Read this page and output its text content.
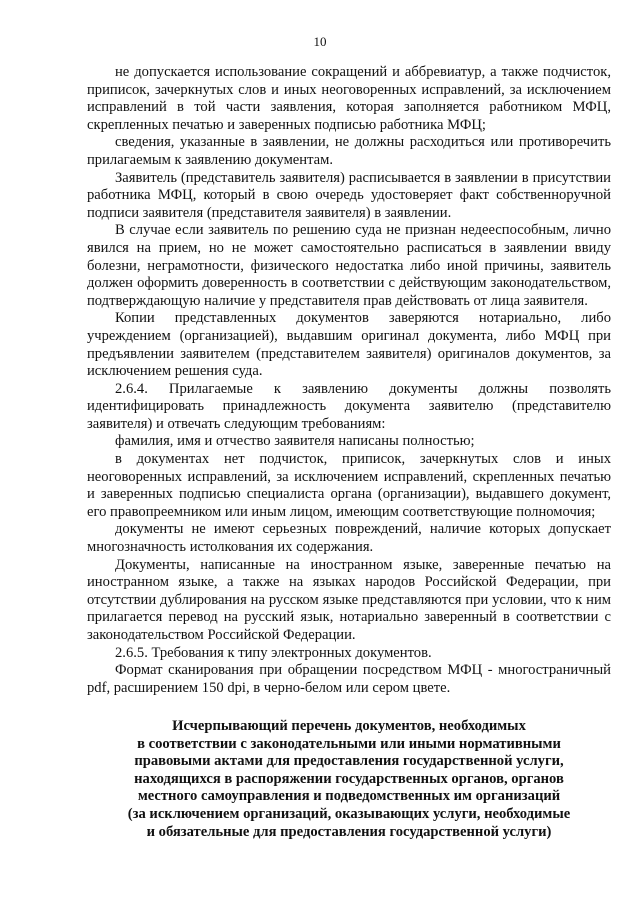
10

не допускается использование сокращений и аббревиатур, а также подчисток, приписок, зачеркнутых слов и иных неоговоренных исправлений, за исключением исправлений в той части заявления, которая заполняется работником МФЦ, скрепленных печатью и заверенных подписью работника МФЦ;

сведения, указанные в заявлении, не должны расходиться или противоречить прилагаемым к заявлению документам.

Заявитель (представитель заявителя) расписывается в заявлении в присутствии работника МФЦ, который в свою очередь удостоверяет факт собственноручной подписи заявителя (представителя заявителя) в заявлении.

В случае если заявитель по решению суда не признан недееспособным, лично явился на прием, но не может самостоятельно расписаться в заявлении ввиду болезни, неграмотности, физического недостатка либо иной причины, заявитель должен оформить доверенность в соответствии с действующим законодательством, подтверждающую наличие у представителя прав действовать от лица заявителя.

Копии представленных документов заверяются нотариально, либо учреждением (организацией), выдавшим оригинал документа, либо МФЦ при предъявлении заявителем (представителем заявителя) оригиналов документов, за исключением решения суда.

2.6.4. Прилагаемые к заявлению документы должны позволять идентифицировать принадлежность документа заявителю (представителю заявителя) и отвечать следующим требованиям:

фамилия, имя и отчество заявителя написаны полностью;

в документах нет подчисток, приписок, зачеркнутых слов и иных неоговоренных исправлений, за исключением исправлений, скрепленных печатью и заверенных подписью специалиста органа (организации), выдавшего документ, его правопреемником или иным лицом, имеющим соответствующие полномочия;

документы не имеют серьезных повреждений, наличие которых допускает многозначность истолкования их содержания.

Документы, написанные на иностранном языке, заверенные печатью на иностранном языке, а также на языках народов Российской Федерации, при отсутствии дублирования на русском языке представляются при условии, что к ним прилагается перевод на русский язык, нотариально заверенный в соответствии с законодательством Российской Федерации.

2.6.5. Требования к типу электронных документов.

Формат сканирования при обращении посредством МФЦ - многостраничный pdf, расширением 150 dpi, в черно-белом или сером цвете.

Исчерпывающий перечень документов, необходимых
в соответствии с законодательными или иными нормативными
правовыми актами для предоставления государственной услуги,
находящихся в распоряжении государственных органов, органов
местного самоуправления и подведомственных им организаций
(за исключением организаций, оказывающих услуги, необходимые
и обязательные для предоставления государственной услуги)
